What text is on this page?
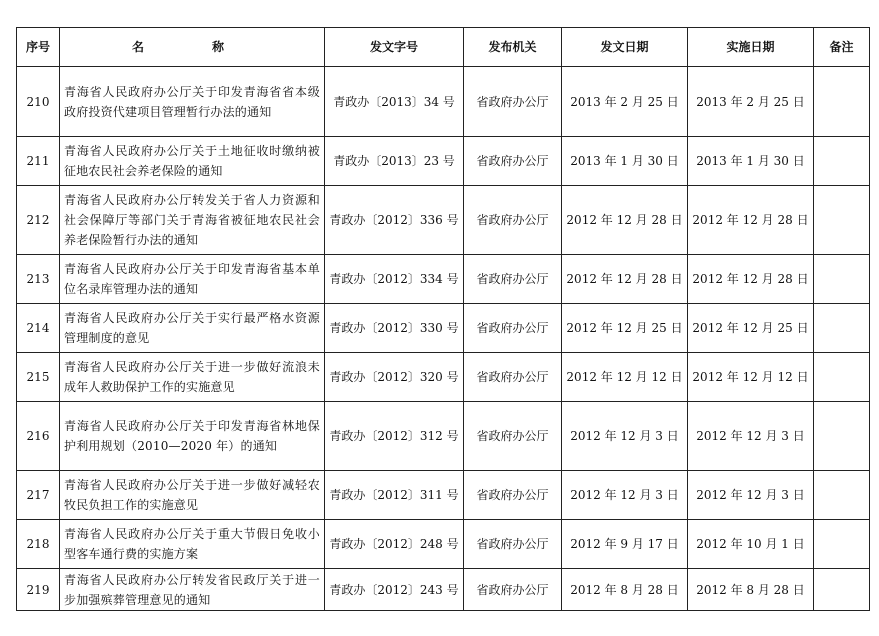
序号	名　称	发文字号	发布机关	发文日期	实施日期	备注
210	青海省人民政府办公厅关于印发青海省省本级政府投资代建项目管理暂行办法的通知	青政办〔2013〕34 号	省政府办公厅	2013 年 2 月 25 日	2013 年 2 月 25 日	
211	青海省人民政府办公厅关于土地征收时缴纳被征地农民社会养老保险的通知	青政办〔2013〕23 号	省政府办公厅	2013 年 1 月 30 日	2013 年 1 月 30 日	
212	青海省人民政府办公厅转发关于省人力资源和社会保障厅等部门关于青海省被征地农民社会养老保险暂行办法的通知	青政办〔2012〕336 号	省政府办公厅	2012 年 12 月 28 日	2012 年 12 月 28 日	
213	青海省人民政府办公厅关于印发青海省基本单位名录库管理办法的通知	青政办〔2012〕334 号	省政府办公厅	2012 年 12 月 28 日	2012 年 12 月 28 日	
214	青海省人民政府办公厅关于实行最严格水资源管理制度的意见	青政办〔2012〕330 号	省政府办公厅	2012 年 12 月 25 日	2012 年 12 月 25 日	
215	青海省人民政府办公厅关于进一步做好流浪未成年人救助保护工作的实施意见	青政办〔2012〕320 号	省政府办公厅	2012 年 12 月 12 日	2012 年 12 月 12 日	
216	青海省人民政府办公厅关于印发青海省林地保护利用规划（2010—2020 年）的通知	青政办〔2012〕312 号	省政府办公厅	2012 年 12 月 3 日	2012 年 12 月 3 日	
217	青海省人民政府办公厅关于进一步做好减轻农牧民负担工作的实施意见	青政办〔2012〕311 号	省政府办公厅	2012 年 12 月 3 日	2012 年 12 月 3 日	
218	青海省人民政府办公厅关于重大节假日免收小型客车通行费的实施方案	青政办〔2012〕248 号	省政府办公厅	2012 年 9 月 17 日	2012 年 10 月 1 日	
219	青海省人民政府办公厅转发省民政厅关于进一步加强殡葬管理意见的通知	青政办〔2012〕243 号	省政府办公厅	2012 年 8 月 28 日	2012 年 8 月 28 日	
